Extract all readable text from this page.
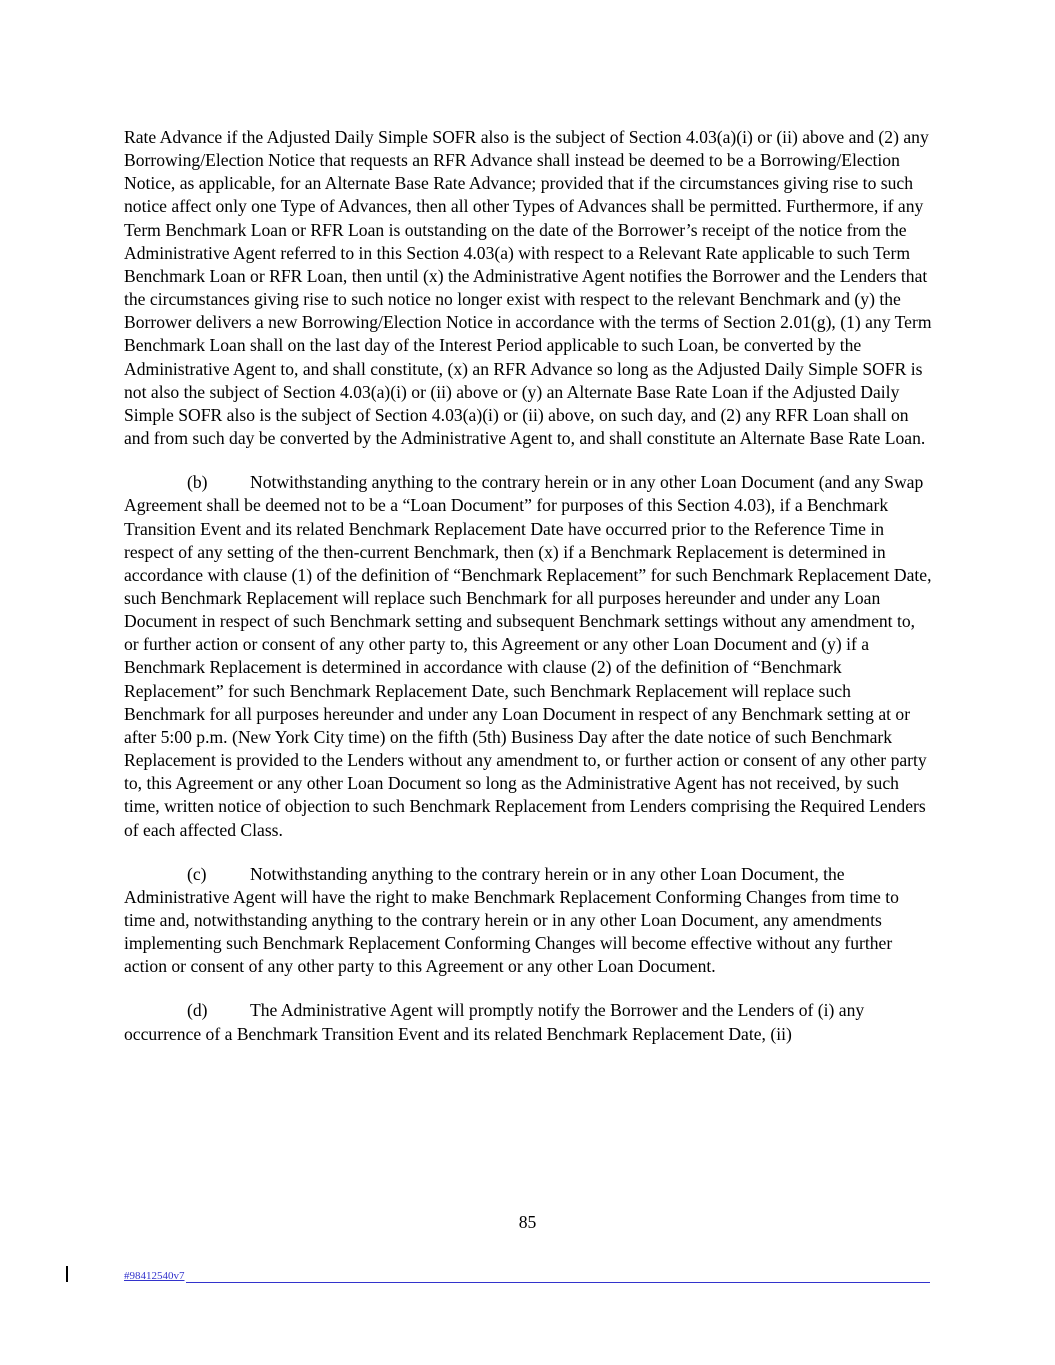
Rate Advance if the Adjusted Daily Simple SOFR also is the subject of Section 4.03(a)(i) or (ii) above and (2) any Borrowing/Election Notice that requests an RFR Advance shall instead be deemed to be a Borrowing/Election Notice, as applicable, for an Alternate Base Rate Advance; provided that if the circumstances giving rise to such notice affect only one Type of Advances, then all other Types of Advances shall be permitted. Furthermore, if any Term Benchmark Loan or RFR Loan is outstanding on the date of the Borrower’s receipt of the notice from the Administrative Agent referred to in this Section 4.03(a) with respect to a Relevant Rate applicable to such Term Benchmark Loan or RFR Loan, then until (x) the Administrative Agent notifies the Borrower and the Lenders that the circumstances giving rise to such notice no longer exist with respect to the relevant Benchmark and (y) the Borrower delivers a new Borrowing/Election Notice in accordance with the terms of Section 2.01(g), (1) any Term Benchmark Loan shall on the last day of the Interest Period applicable to such Loan, be converted by the Administrative Agent to, and shall constitute, (x) an RFR Advance so long as the Adjusted Daily Simple SOFR is not also the subject of Section 4.03(a)(i) or (ii) above or (y) an Alternate Base Rate Loan if the Adjusted Daily Simple SOFR also is the subject of Section 4.03(a)(i) or (ii) above, on such day, and (2) any RFR Loan shall on and from such day be converted by the Administrative Agent to, and shall constitute an Alternate Base Rate Loan.

(b) Notwithstanding anything to the contrary herein or in any other Loan Document (and any Swap Agreement shall be deemed not to be a “Loan Document” for purposes of this Section 4.03), if a Benchmark Transition Event and its related Benchmark Replacement Date have occurred prior to the Reference Time in respect of any setting of the then-current Benchmark, then (x) if a Benchmark Replacement is determined in accordance with clause (1) of the definition of “Benchmark Replacement” for such Benchmark Replacement Date, such Benchmark Replacement will replace such Benchmark for all purposes hereunder and under any Loan Document in respect of such Benchmark setting and subsequent Benchmark settings without any amendment to, or further action or consent of any other party to, this Agreement or any other Loan Document and (y) if a Benchmark Replacement is determined in accordance with clause (2) of the definition of “Benchmark Replacement” for such Benchmark Replacement Date, such Benchmark Replacement will replace such Benchmark for all purposes hereunder and under any Loan Document in respect of any Benchmark setting at or after 5:00 p.m. (New York City time) on the fifth (5th) Business Day after the date notice of such Benchmark Replacement is provided to the Lenders without any amendment to, or further action or consent of any other party to, this Agreement or any other Loan Document so long as the Administrative Agent has not received, by such time, written notice of objection to such Benchmark Replacement from Lenders comprising the Required Lenders of each affected Class.

(c) Notwithstanding anything to the contrary herein or in any other Loan Document, the Administrative Agent will have the right to make Benchmark Replacement Conforming Changes from time to time and, notwithstanding anything to the contrary herein or in any other Loan Document, any amendments implementing such Benchmark Replacement Conforming Changes will become effective without any further action or consent of any other party to this Agreement or any other Loan Document.

(d) The Administrative Agent will promptly notify the Borrower and the Lenders of (i) any occurrence of a Benchmark Transition Event and its related Benchmark Replacement Date, (ii)

85
#98412540v7
